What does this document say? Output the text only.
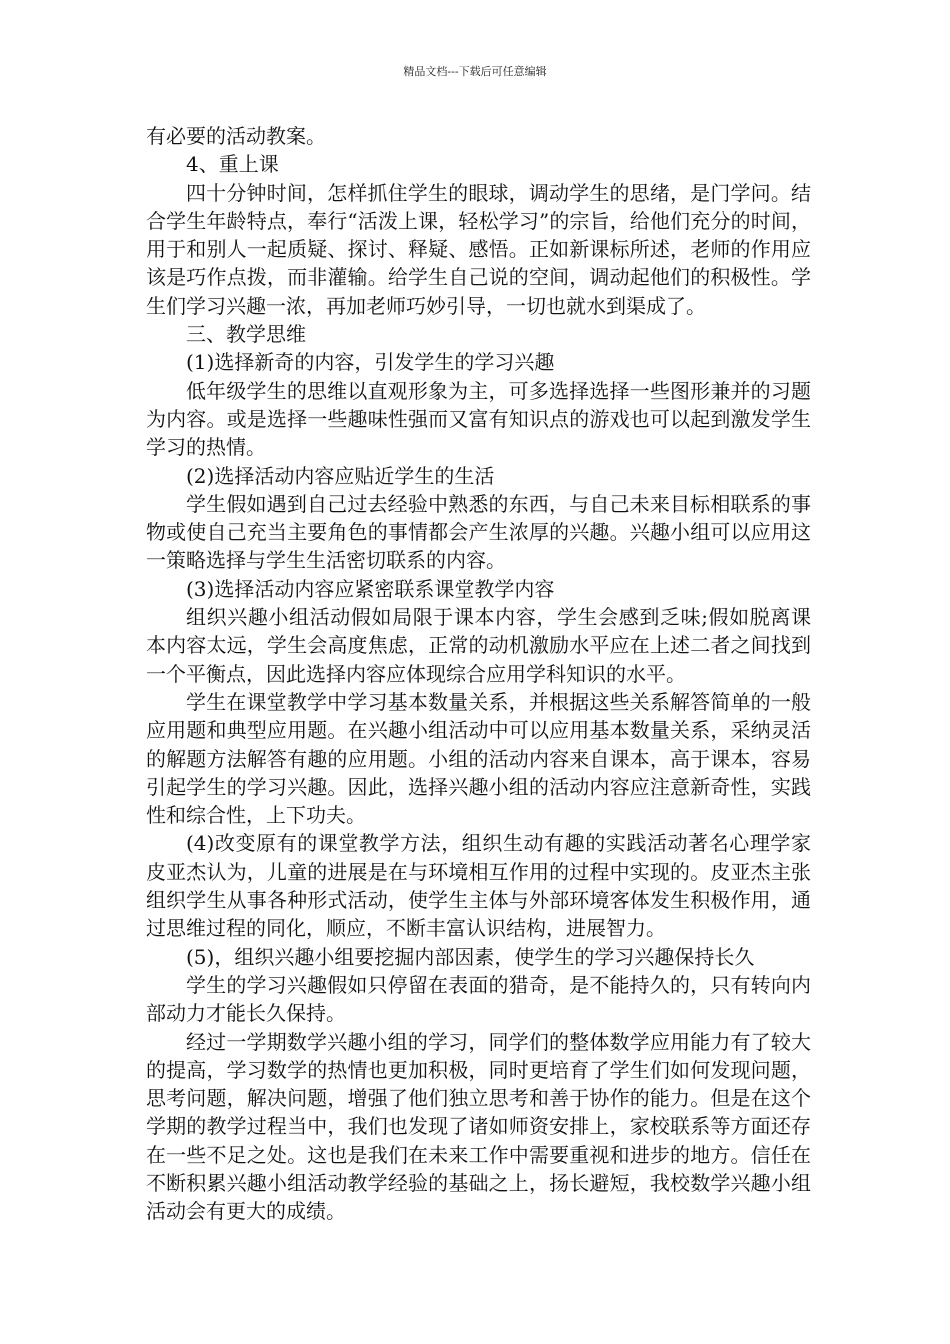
精品文档---下载后可任意编辑

有必要的活动教案。

4、重上课

四十分钟时间，怎样抓住学生的眼球，调动学生的思绪，是门学问。结合学生年龄特点，奉行“活泼上课，轻松学习”的宗旨，给他们充分的时间，用于和别人一起质疑、探讨、释疑、感悟。正如新课标所述，老师的作用应该是巧作点拨，而非灌输。给学生自己说的空间，调动起他们的积极性。学生们学习兴趣一浓，再加老师巧妙引导，一切也就水到渠成了。

三、教学思维

(1)选择新奇的内容，引发学生的学习兴趣

低年级学生的思维以直观形象为主，可多选择选择一些图形兼并的习题为内容。或是选择一些趣味性强而又富有知识点的游戏也可以起到激发学生学习的热情。

(2)选择活动内容应贴近学生的生活

学生假如遇到自己过去经验中熟悉的东西，与自己未来目标相联系的事物或使自己充当主要角色的事情都会产生浓厚的兴趣。兴趣小组可以应用这一策略选择与学生生活密切联系的内容。

(3)选择活动内容应紧密联系课堂教学内容

组织兴趣小组活动假如局限于课本内容，学生会感到乏味;假如脱离课本内容太远，学生会高度焦虑，正常的动机激励水平应在上述二者之间找到一个平衡点，因此选择内容应体现综合应用学科知识的水平。

学生在课堂教学中学习基本数量关系，并根据这些关系解答简单的一般应用题和典型应用题。在兴趣小组活动中可以应用基本数量关系，采纳灵活的解题方法解答有趣的应用题。小组的活动内容来自课本，高于课本，容易引起学生的学习兴趣。因此，选择兴趣小组的活动内容应注意新奇性，实践性和综合性，上下功夫。

(4)改变原有的课堂教学方法，组织生动有趣的实践活动著名心理学家皮亚杰认为，儿童的进展是在与环境相互作用的过程中实现的。皮亚杰主张组织学生从事各种形式活动，使学生主体与外部环境客体发生积极作用，通过思维过程的同化，顺应，不断丰富认识结构，进展智力。

(5)，组织兴趣小组要挖掘内部因素，使学生的学习兴趣保持长久

学生的学习兴趣假如只停留在表面的猎奇，是不能持久的，只有转向内部动力才能长久保持。

经过一学期数学兴趣小组的学习，同学们的整体数学应用能力有了较大的提高，学习数学的热情也更加积极，同时更培育了学生们如何发现问题，思考问题，解决问题，增强了他们独立思考和善于协作的能力。但是在这个学期的教学过程当中，我们也发现了诸如师资安排上，家校联系等方面还存在一些不足之处。这也是我们在未来工作中需要重视和进步的地方。信任在不断积累兴趣小组活动教学经验的基础之上，扬长避短，我校数学兴趣小组活动会有更大的成绩。
